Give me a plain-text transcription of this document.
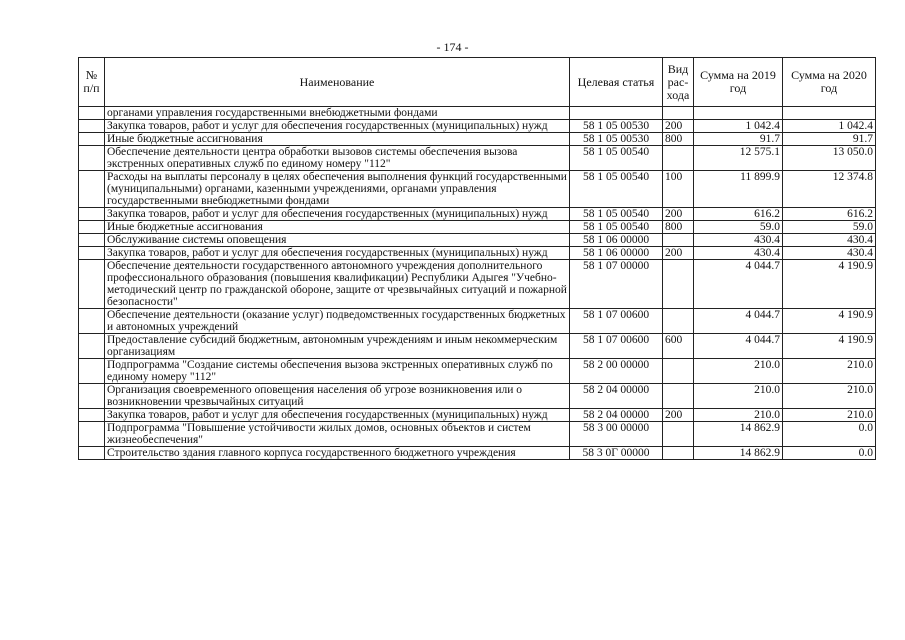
- 174 -
№ п/п	Наименование	Целевая статья	Вид рас-хода	Сумма на 2019 год	Сумма на 2020 год
	органами управления государственными внебюджетными фондами				
	Закупка товаров, работ и услуг для обеспечения государственных (муниципальных) нужд	58 1 05 00530	200	1 042.4	1 042.4
	Иные бюджетные ассигнования	58 1 05 00530	800	91.7	91.7
	Обеспечение деятельности центра обработки вызовов системы обеспечения вызова экстренных оперативных служб по единому номеру "112"	58 1 05 00540		12 575.1	13 050.0
	Расходы на выплаты персоналу в целях обеспечения выполнения функций государственными (муниципальными) органами, казенными учреждениями, органами управления государственными внебюджетными фондами	58 1 05 00540	100	11 899.9	12 374.8
	Закупка товаров, работ и услуг для обеспечения государственных (муниципальных) нужд	58 1 05 00540	200	616.2	616.2
	Иные бюджетные ассигнования	58 1 05 00540	800	59.0	59.0
	Обслуживание системы оповещения	58 1 06 00000		430.4	430.4
	Закупка товаров, работ и услуг для обеспечения государственных (муниципальных) нужд	58 1 06 00000	200	430.4	430.4
	Обеспечение деятельности государственного автономного учреждения дополнительного профессионального образования (повышения квалификации) Республики Адыгея "Учебно-методический центр по гражданской обороне, защите от чрезвычайных ситуаций и пожарной безопасности"	58 1 07 00000		4 044.7	4 190.9
	Обеспечение деятельности (оказание услуг) подведомственных государственных бюджетных и автономных учреждений	58 1 07 00600		4 044.7	4 190.9
	Предоставление субсидий бюджетным, автономным учреждениям и иным некоммерческим организациям	58 1 07 00600	600	4 044.7	4 190.9
	Подпрограмма "Создание системы обеспечения вызова экстренных оперативных служб по единому номеру "112"	58 2 00 00000		210.0	210.0
	Организация своевременного оповещения населения об угрозе возникновения или о возникновении чрезвычайных ситуаций	58 2 04 00000		210.0	210.0
	Закупка товаров, работ и услуг для обеспечения государственных (муниципальных) нужд	58 2 04 00000	200	210.0	210.0
	Подпрограмма "Повышение устойчивости жилых домов, основных объектов и систем жизнеобеспечения"	58 3 00 00000		14 862.9	0.0
	Строительство здания главного корпуса государственного бюджетного учреждения	58 3 0Г 00000		14 862.9	0.0
